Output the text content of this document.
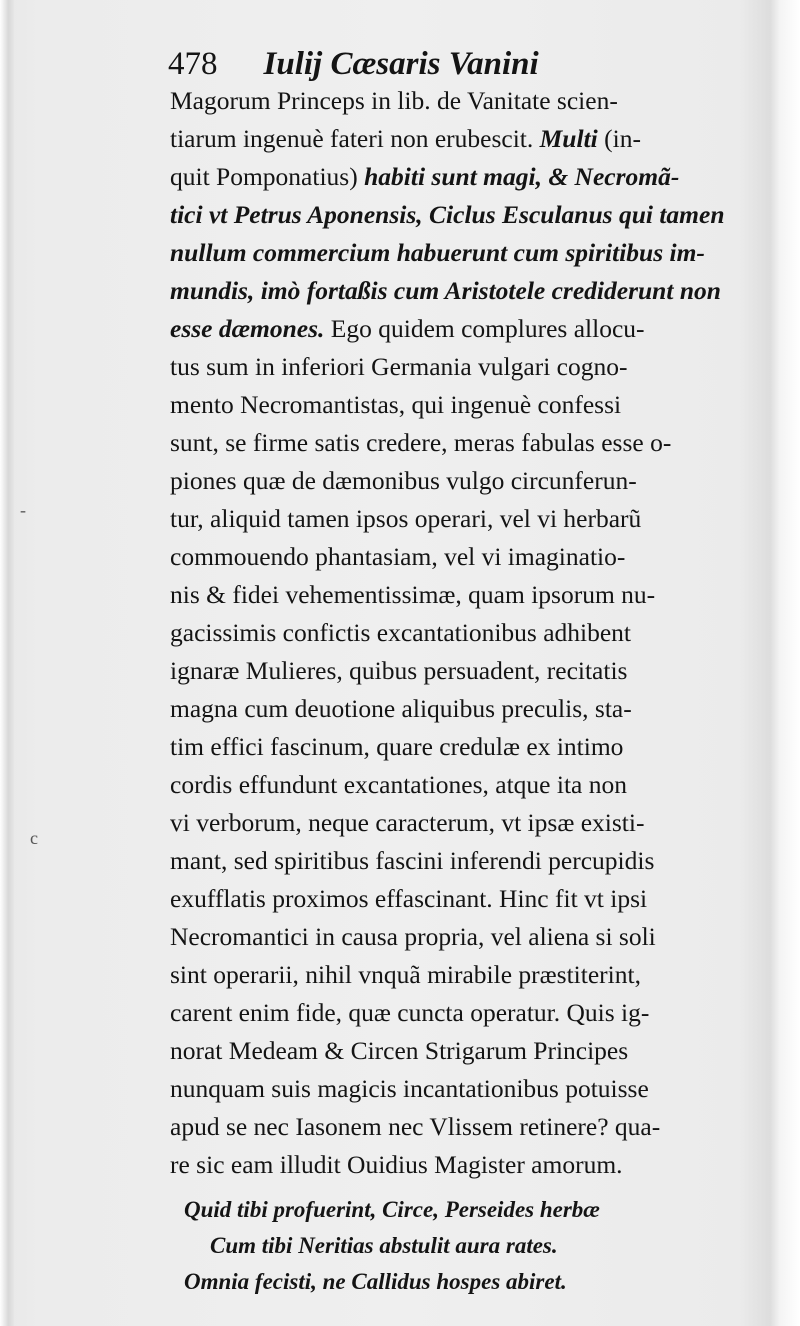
478 Iulij Cæsaris Vanini
Magorum Princeps in lib. de Vanitate scien-
tiarum ingenuè fateri non erubescit. Multi (in-
quit Pomponatius) habiti sunt magi, & Necromã-
tici vt Petrus Aponensis, Ciclus Esculanus qui tamen
nullum commercium habuerunt cum spiritibus im-
mundis, imò fortaßis cum Aristotele crediderunt non
esse dæmones. Ego quidem complures allocu-
tus sum in inferiori Germania vulgari cogno-
mento Necromantistas, qui ingenuè confessi
sunt, se firme satis credere, meras fabulas esse o-
piones quæ de dæmonibus vulgo circunferun-
tur, aliquid tamen ipsos operari, vel vi herbarũ
commouendo phantasiam, vel vi imaginatio-
nis & fidei vehementissimæ, quam ipsorum nu-
gacissimis confictis excantationibus adhibent
ignaræ Mulieres, quibus persuadent, recitatis
magna cum deuotione aliquibus preculis, sta-
tim effici fascinum, quare credulæ ex intimo
cordis effundunt excantationes, atque ita non
vi verborum, neque caracterum, vt ipsæ existi-
mant, sed spiritibus fascini inferendi percupidis
exufflatis proximos effascinant. Hinc fit vt ipsi
Necromantici in causa propria, vel aliena si soli
sint operarii, nihil vnquã mirabile præstiterint,
carent enim fide, quæ cuncta operatur. Quis ig-
norat Medeam & Circen Strigarum Principes
nunquam suis magicis incantationibus potuisse
apud se nec Iasonem nec Vlissem retinere? qua-
re sic eam illudit Ouidius Magister amorum.
Quid tibi profuerint, Circe, Perseides herbæ
Cum tibi Neritias abstulit aura rates.
Omnia fecisti, ne Callidus hospes abiret.
-
c
